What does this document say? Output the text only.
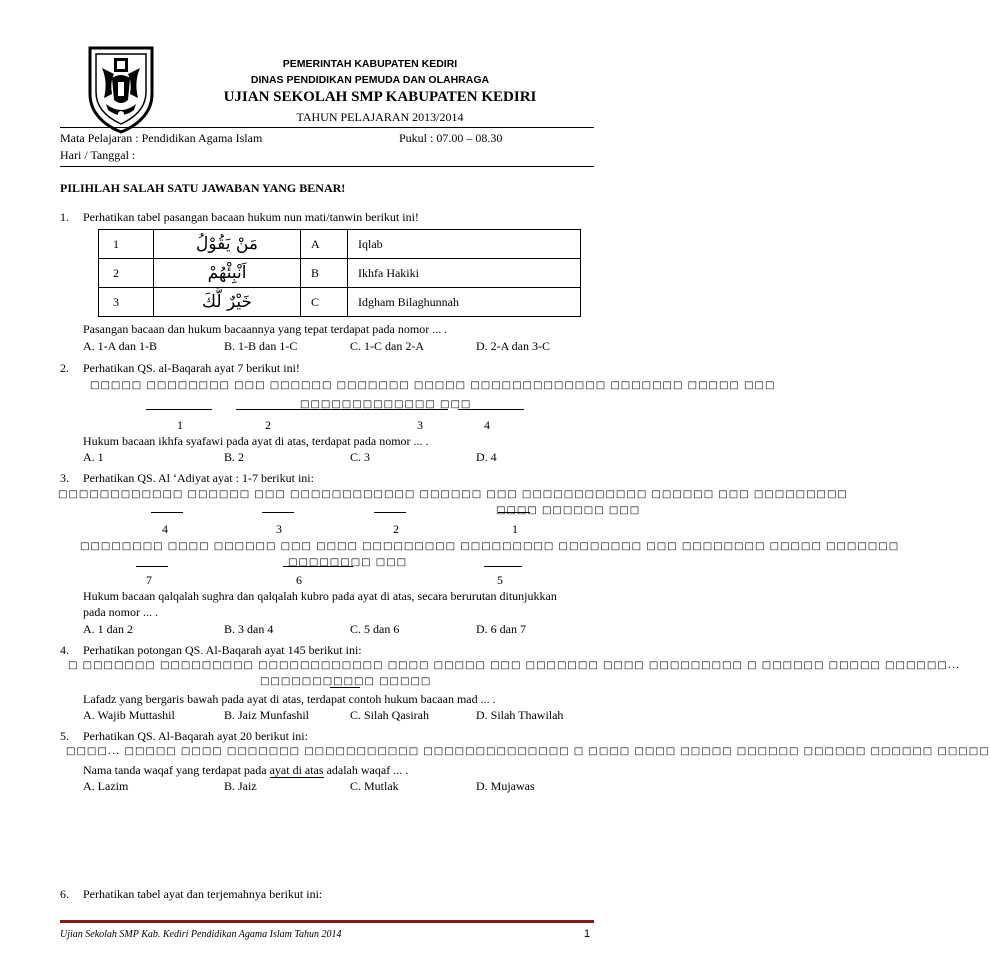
PEMERINTAH KABUPATEN KEDIRI
DINAS PENDIDIKAN PEMUDA DAN OLAHRAGA
UJIAN SEKOLAH SMP KABUPATEN KEDIRI
TAHUN PELAJARAN 2013/2014
Mata Pelajaran : Pendidikan Agama Islam	Pukul : 07.00 – 08.30
Hari / Tanggal :
PILIHLAH SALAH SATU JAWABAN YANG BENAR!
1. Perhatikan tabel pasangan bacaan hukum nun mati/tanwin berikut ini!
1	مَنْ يَقُوْلُ	A	Iqlab
2	اَنْبِئْهُمْ	B	Ikhfa Hakiki
3	خَيْرٌ لَّكَ	C	Idgham Bilaghunnah
Pasangan bacaan dan hukum bacaannya yang tepat terdapat pada nomor ... .
A. 1-A dan 1-B	B. 1-B dan 1-C	C. 1-C dan 2-A	D. 2-A dan 3-C
2. Perhatikan QS. al-Baqarah ayat 7 berikut ini!
□□□□□ □□□□□□□□ □□□ □□□□□□ □□□□□□□ □□□□□ □□□□□□□□□□□□□ □□□□□□□ □□□□□ □□□
□□□□□□□□□□□□□ □□□
1	2	3	4
Hukum bacaan ikhfa syafawi pada ayat di atas, terdapat pada nomor ... .
A. 1	B. 2	C. 3	D. 4
3. Perhatikan QS. Al ‘Adiyat ayat : 1-7 berikut ini:
□□□□□□□□□□□□ □□□□□□ □□□ □□□□□□□□□□□□ □□□□□□ □□□ □□□□□□□□□□□□ □□□□□□ □□□ □□□□□□□□□
□□□□ □□□□□□ □□□
4	3	2	1
□□□□□□□□ □□□□ □□□□□□ □□□ □□□□ □□□□□□□□□ □□□□□□□□□ □□□□□□□□ □□□ □□□□□□□□ □□□□□ □□□□□□□
□□□□□□□□ □□□
7	6	5
Hukum bacaan qalqalah sughra dan qalqalah kubro pada ayat di atas, secara berurutan ditunjukkan
pada nomor ... .
A. 1 dan 2	B. 3 dan 4	C. 5 dan 6	D. 6 dan 7
4. Perhatikan potongan QS. Al-Baqarah ayat 145 berikut ini:
□ □□□□□□□ □□□□□□□□□ □□□□□□□□□□□□ □□□□ □□□□□ □□□ □□□□□□□ □□□□ □□□□□□□□□ □ □□□□□□ □□□□□ □□□□□□...
□□□□□□□□□□□ □□□□□
Lafadz yang bergaris bawah pada ayat di atas, terdapat contoh hukum bacaan mad ... .
A. Wajib Muttashil	B. Jaiz Munfashil	C. Silah Qasirah	D. Silah Thawilah
5. Perhatikan QS. Al-Baqarah ayat 20 berikut ini:
□□□□... □□□□□ □□□□ □□□□□□□ □□□□□□□□□□□ □□□□□□□□□□□□□□ □ □□□□ □□□□ □□□□□ □□□□□□ □□□□□□ □□□□□□ □□□□□
Nama tanda waqaf yang terdapat pada ayat di atas adalah waqaf ... .
A. Lazim	B. Jaiz	C. Mutlak	D. Mujawas
6. Perhatikan tabel ayat dan terjemahnya berikut ini:
Ujian Sekolah SMP Kab. Kediri Pendidikan Agama Islam Tahun 2014	1
